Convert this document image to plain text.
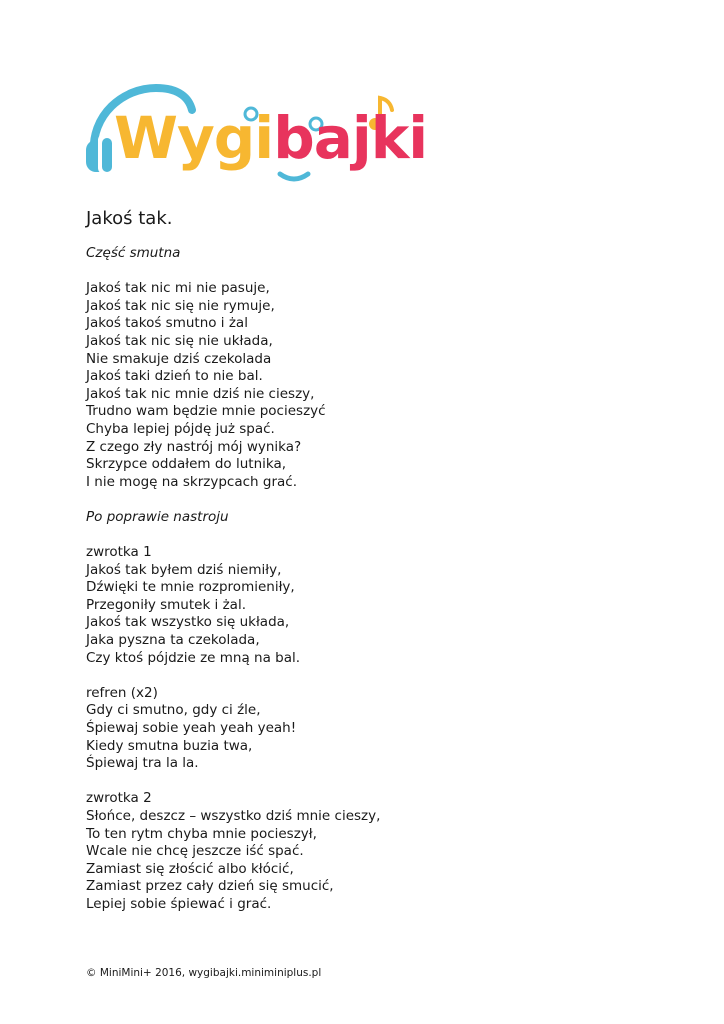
Wygibajki
Jakoś tak.
Część smutna
Jakoś tak nic mi nie pasuje,
Jakoś tak nic się nie rymuje,
Jakoś takoś smutno i żal
Jakoś tak nic się nie układa,
Nie smakuje dziś czekolada
Jakoś taki dzień to nie bal.
Jakoś tak nic mnie dziś nie cieszy,
Trudno wam będzie mnie pocieszyć
Chyba lepiej pójdę już spać.
Z czego zły nastrój mój wynika?
Skrzypce oddałem do lutnika,
I nie mogę na skrzypcach grać.
Po poprawie nastroju
zwrotka 1
Jakoś tak byłem dziś niemiły,
Dźwięki te mnie rozpromieniły,
Przegoniły smutek i żal.
Jakoś tak wszystko się układa,
Jaka pyszna ta czekolada,
Czy ktoś pójdzie ze mną na bal.
refren (x2)
Gdy ci smutno, gdy ci źle,
Śpiewaj sobie yeah yeah yeah!
Kiedy smutna buzia twa,
Śpiewaj tra la la.
zwrotka 2
Słońce, deszcz – wszystko dziś mnie cieszy,
To ten rytm chyba mnie pocieszył,
Wcale nie chcę jeszcze iść spać.
Zamiast się złościć albo kłócić,
Zamiast przez cały dzień się smucić,
Lepiej sobie śpiewać i grać.
© MiniMini+ 2016, wygibajki.miniminiplus.pl
